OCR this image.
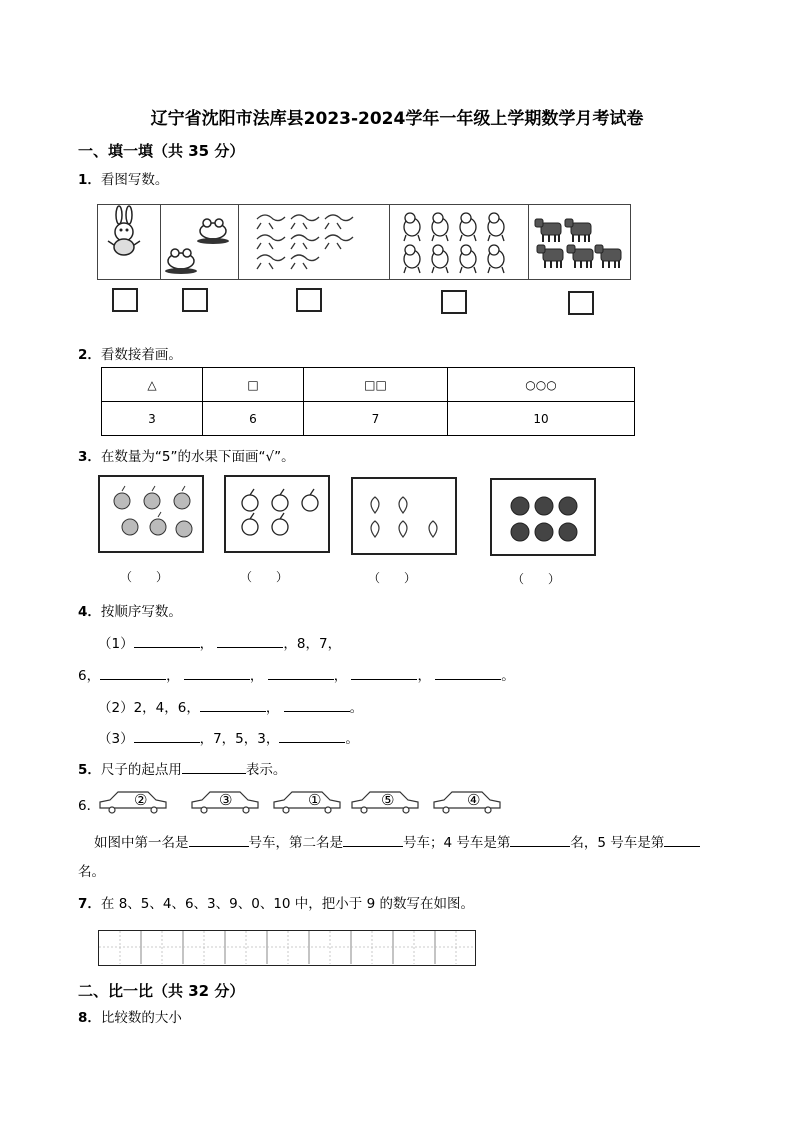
辽宁省沈阳市法库县2023-2024学年一年级上学期数学月考试卷
一、填一填（共 35 分）
1．看图写数。
2．看数接着画。
△	□	□□	○○○
3	6	7	10
3．在数量为“5”的水果下面画“√”。
（　　）	（　　）	（　　）	（　　）
4．按顺序写数。
（1）	，	，8，7，
6，	，	，	，	，	。
（2）2，4，6，	，	。
（3）	，7，5，3，	。
5．尺子的起点用	表示。
6． ②	③	①	⑤	④
如图中第一名是	号车，第二名是	号车；4 号车是第	名，5 号车是第
名。
7．在 8、5、4、6、3、9、0、10 中，把小于 9 的数写在如图。
二、比一比（共 32 分）
8．比较数的大小
